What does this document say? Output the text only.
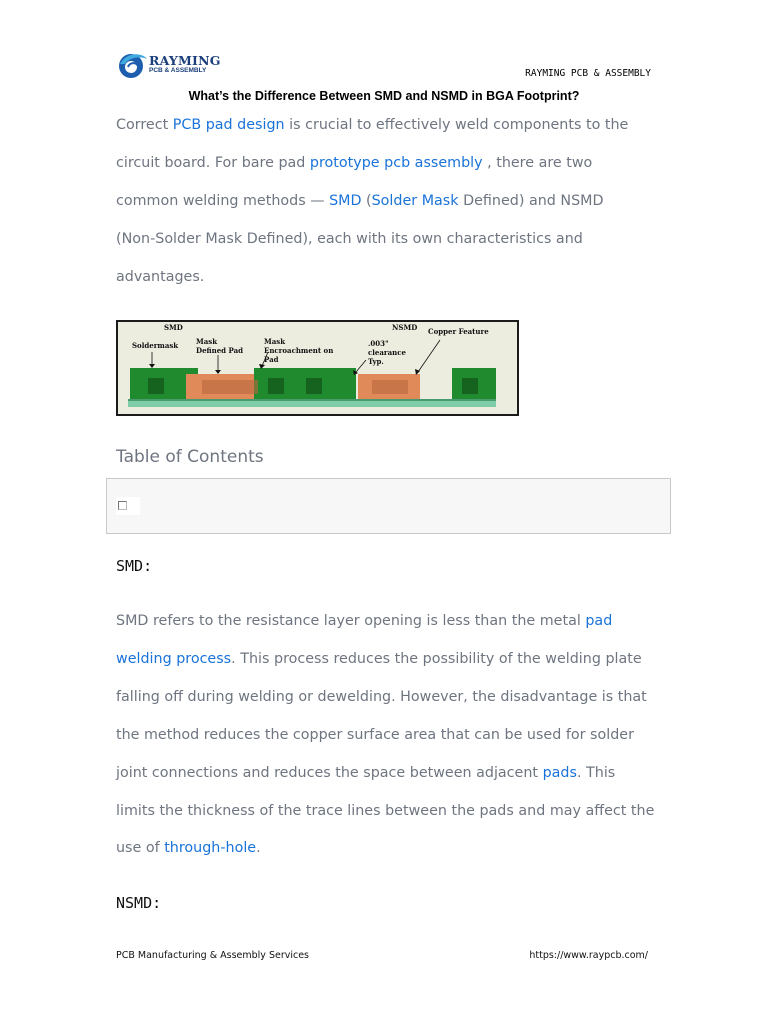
RAYMING
PCB & ASSEMBLY	RAYMING PCB & ASSEMBLY
What’s the Difference Between SMD and NSMD in BGA Footprint?

Correct PCB pad design is crucial to effectively weld components to the

circuit board. For bare pad prototype pcb assembly , there are two

common welding methods — SMD (Solder Mask Defined) and NSMD

(Non-Solder Mask Defined), each with its own characteristics and

advantages.

SMD	NSMD
Soldermask	Mask
Defined Pad
Mask
Encroachment on
Pad
.003"
clearance
Typ.
Copper Feature
Table of Contents
SMD:

SMD refers to the resistance layer opening is less than the metal pad

welding process. This process reduces the possibility of the welding plate

falling off during welding or dewelding. However, the disadvantage is that

the method reduces the copper surface area that can be used for solder

joint connections and reduces the space between adjacent pads. This

limits the thickness of the trace lines between the pads and may affect the

use of through-hole.

NSMD:
PCB Manufacturing & Assembly Services	https://www.raypcb.com/
